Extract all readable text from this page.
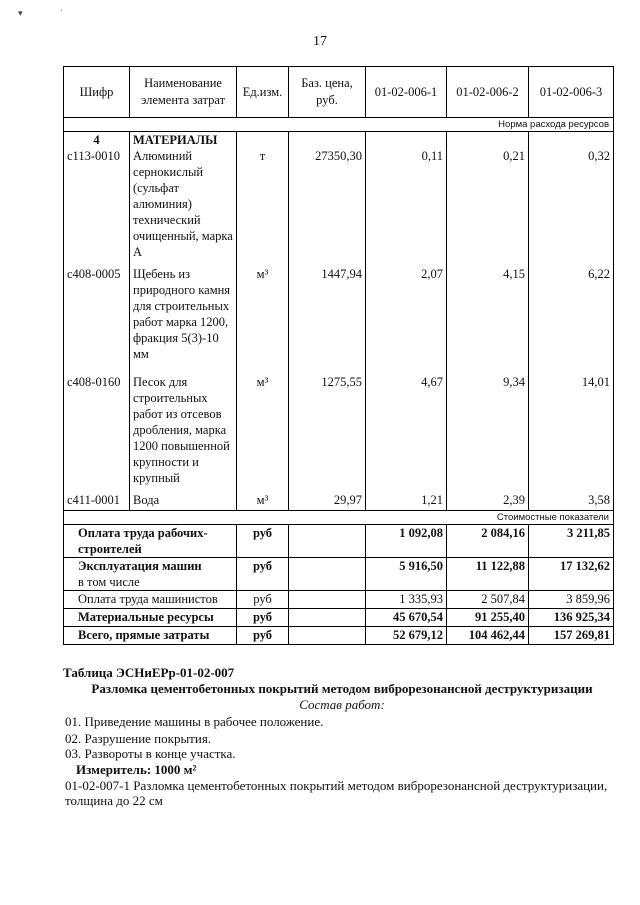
▾	ˈ
17
Шифр	Наименование элемента затрат	Ед.изм.	Баз. цена, руб.	01-02-006-1	01-02-006-2	01-02-006-3
Норма расхода ресурсов						
4	МАТЕРИАЛЫ					
с113-0010	Алюминий сернокислый (сульфат алюминия) технический очищенный, марка А	т	27350,30	0,11	0,21	0,32
с408-0005	Щебень из природного камня для строительных работ марка 1200, фракция 5(3)-10 мм	м³	1447,94	2,07	4,15	6,22
с408-0160	Песок для строительных работ из отсевов дробления, марка 1200 повышенной крупности и крупный	м³	1275,55	4,67	9,34	14,01
с411-0001	Вода	м³	29,97	1,21	2,39	3,58
Стоимостные показатели						
Оплата труда рабочих-строителей		руб		1 092,08	2 084,16	3 211,85

Эксплуатация машин
в том числе		руб		5 916,50	11 122,88	17 132,62
Оплата труда машинистов		руб		1 335,93	2 507,84	3 859,96
Материальные ресурсы		руб		45 670,54	91 255,40	136 925,34
Всего, прямые затраты		руб		52 679,12	104 462,44	157 269,81
Таблица ЭСНиЕРр-01-02-007
Разломка цементобетонных покрытий методом виброрезонансной деструктуризации
Состав работ:
01. Приведение машины в рабочее положение.
02. Разрушение покрытия.
03. Развороты в конце участка.
Измеритель: 1000 м²
01-02-007-1 Разломка цементобетонных покрытий методом виброрезонансной деструктуризации, толщина до 22 см
